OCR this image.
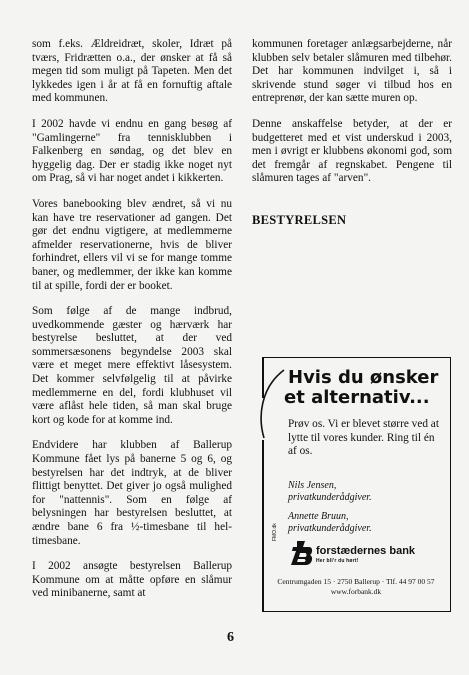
som f.eks. Ældreidræt, skoler, Idræt på tværs, Fridrætten o.a., der ønsker at få så megen tid som muligt på Tapeten. Men det lykkedes igen i år at få en fornuftig aftale med kommunen.

I 2002 havde vi endnu en gang besøg af "Gamlingerne" fra tennisklubben i Falkenberg en søndag, og det blev en hyggelig dag. Der er stadig ikke noget nyt om Prag, så vi har noget andet i kikkerten.

Vores banebooking blev ændret, så vi nu kan have tre reservationer ad gangen. Det gør det endnu vigtigere, at medlemmerne afmelder reservationerne, hvis de bliver forhindret, ellers vil vi se for mange tomme baner, og medlemmer, der ikke kan komme til at spille, fordi der er booket.

Som følge af de mange indbrud, uvedkommende gæster og hærværk har bestyrelse besluttet, at der ved sommersæsonens begyndelse 2003 skal være et meget mere effektivt låsesystem. Det kommer selvfølgelig til at påvirke medlemmerne en del, fordi klubhuset vil være aflåst hele tiden, så man skal bruge kort og kode for at komme ind.

Endvidere har klubben af Ballerup Kommune fået lys på banerne 5 og 6, og bestyrelsen har det indtryk, at de bliver flittigt benyttet. Det giver jo også mulighed for "nattennis". Som en følge af belysningen har bestyrelsen besluttet, at ændre bane 6 fra ½-timesbane til hel-timesbane.

I 2002 ansøgte bestyrelsen Ballerup Kommune om at måtte opføre en slåmur ved minibanerne, samt at

kommunen foretager anlægsarbejderne, når klubben selv betaler slåmuren med tilbehør. Det har kommunen indvilget i, så i skrivende stund søger vi tilbud hos en entreprenør, der kan sætte muren op.

Denne anskaffelse betyder, at der er budgetteret med et vist underskud i 2003, men i øvrigt er klubbens økonomi god, som det fremgår af regnskabet. Pengene til slåmuren tages af "arven".

BESTYRELSEN

Hvis du ønsker
et alternativ...
Prøv os. Vi er blevet større ved at lytte til vores kunder. Ring til én af os.
Nils Jensen,
privatkunderådgiver.
Annette Bruun,
privatkunderådgiver.
FMO.dk
forstædernes bank
Her bli'r du hørt!
Centrumgaden 15 · 2750 Ballerup · Tlf. 44 97 00 57
www.forbank.dk
6
